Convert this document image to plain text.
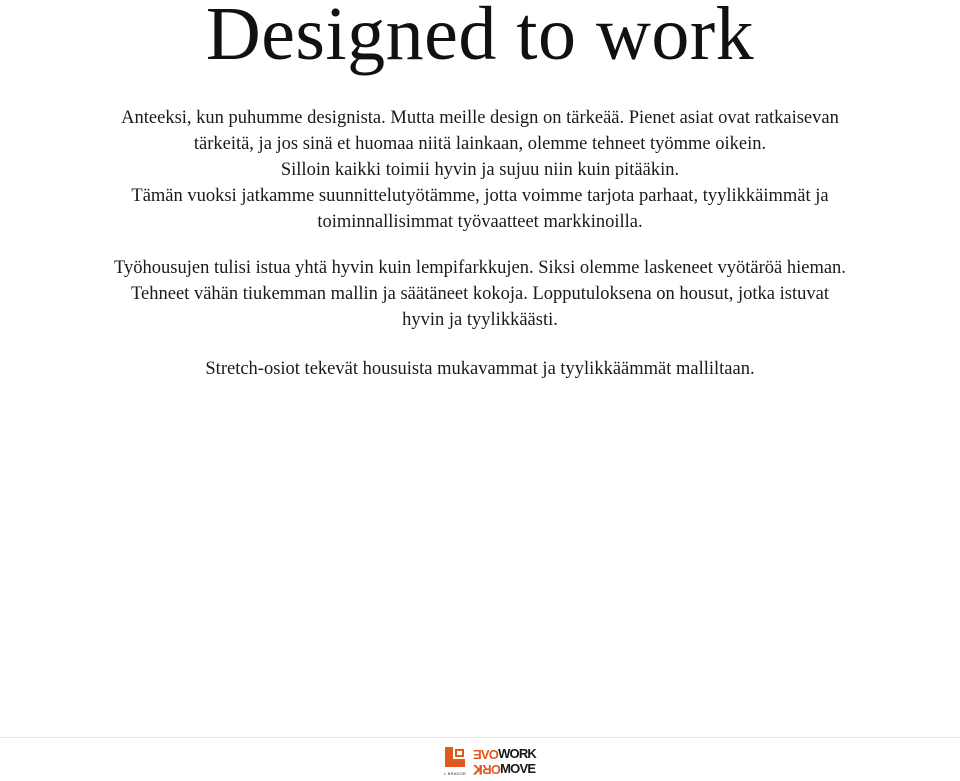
Designed to work
Anteeksi, kun puhumme designista. Mutta meille design on tärkeää. Pienet asiat ovat ratkaisevan
tärkeitä, ja jos sinä et huomaa niitä lainkaan, olemme tehneet työmme oikein.
Silloin kaikki toimii hyvin ja sujuu niin kuin pitääkin.
Tämän vuoksi jatkamme suunnittelutyötämme, jotta voimme tarjota parhaat, tyylikkäimmät ja
toiminnallisimmat työvaatteet markkinoilla.
Työhousujen tulisi istua yhtä hyvin kuin lempifarkkujen. Siksi olemme laskeneet vyötäröä hieman.
Tehneet vähän tiukemman mallin ja säätäneet kokoja. Lopputuloksena on housut, jotka istuvat
hyvin ja tyylikkäästi.
Stretch-osiot tekevät housuista mukavammat ja tyylikkäämmät malliltaan.
L.BRADOR
ƎΛOWORK
ꓘЯOMOVE
